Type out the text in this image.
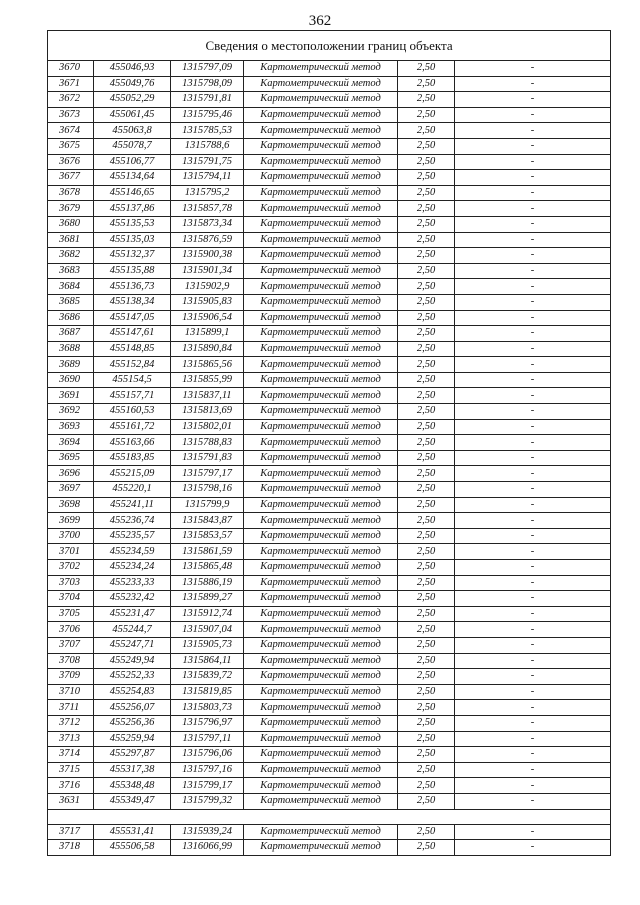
362
Сведения о местоположении границ объекта					
3670	455046,93	1315797,09	Картометрический метод	2,50	-
3671	455049,76	1315798,09	Картометрический метод	2,50	-
3672	455052,29	1315791,81	Картометрический метод	2,50	-
3673	455061,45	1315795,46	Картометрический метод	2,50	-
3674	455063,8	1315785,53	Картометрический метод	2,50	-
3675	455078,7	1315788,6	Картометрический метод	2,50	-
3676	455106,77	1315791,75	Картометрический метод	2,50	-
3677	455134,64	1315794,11	Картометрический метод	2,50	-
3678	455146,65	1315795,2	Картометрический метод	2,50	-
3679	455137,86	1315857,78	Картометрический метод	2,50	-
3680	455135,53	1315873,34	Картометрический метод	2,50	-
3681	455135,03	1315876,59	Картометрический метод	2,50	-
3682	455132,37	1315900,38	Картометрический метод	2,50	-
3683	455135,88	1315901,34	Картометрический метод	2,50	-
3684	455136,73	1315902,9	Картометрический метод	2,50	-
3685	455138,34	1315905,83	Картометрический метод	2,50	-
3686	455147,05	1315906,54	Картометрический метод	2,50	-
3687	455147,61	1315899,1	Картометрический метод	2,50	-
3688	455148,85	1315890,84	Картометрический метод	2,50	-
3689	455152,84	1315865,56	Картометрический метод	2,50	-
3690	455154,5	1315855,99	Картометрический метод	2,50	-
3691	455157,71	1315837,11	Картометрический метод	2,50	-
3692	455160,53	1315813,69	Картометрический метод	2,50	-
3693	455161,72	1315802,01	Картометрический метод	2,50	-
3694	455163,66	1315788,83	Картометрический метод	2,50	-
3695	455183,85	1315791,83	Картометрический метод	2,50	-
3696	455215,09	1315797,17	Картометрический метод	2,50	-
3697	455220,1	1315798,16	Картометрический метод	2,50	-
3698	455241,11	1315799,9	Картометрический метод	2,50	-
3699	455236,74	1315843,87	Картометрический метод	2,50	-
3700	455235,57	1315853,57	Картометрический метод	2,50	-
3701	455234,59	1315861,59	Картометрический метод	2,50	-
3702	455234,24	1315865,48	Картометрический метод	2,50	-
3703	455233,33	1315886,19	Картометрический метод	2,50	-
3704	455232,42	1315899,27	Картометрический метод	2,50	-
3705	455231,47	1315912,74	Картометрический метод	2,50	-
3706	455244,7	1315907,04	Картометрический метод	2,50	-
3707	455247,71	1315905,73	Картометрический метод	2,50	-
3708	455249,94	1315864,11	Картометрический метод	2,50	-
3709	455252,33	1315839,72	Картометрический метод	2,50	-
3710	455254,83	1315819,85	Картометрический метод	2,50	-
3711	455256,07	1315803,73	Картометрический метод	2,50	-
3712	455256,36	1315796,97	Картометрический метод	2,50	-
3713	455259,94	1315797,11	Картометрический метод	2,50	-
3714	455297,87	1315796,06	Картометрический метод	2,50	-
3715	455317,38	1315797,16	Картометрический метод	2,50	-
3716	455348,48	1315799,17	Картометрический метод	2,50	-
3631	455349,47	1315799,32	Картометрический метод	2,50	-

3717	455531,41	1315939,24	Картометрический метод	2,50	-
3718	455506,58	1316066,99	Картометрический метод	2,50	-
